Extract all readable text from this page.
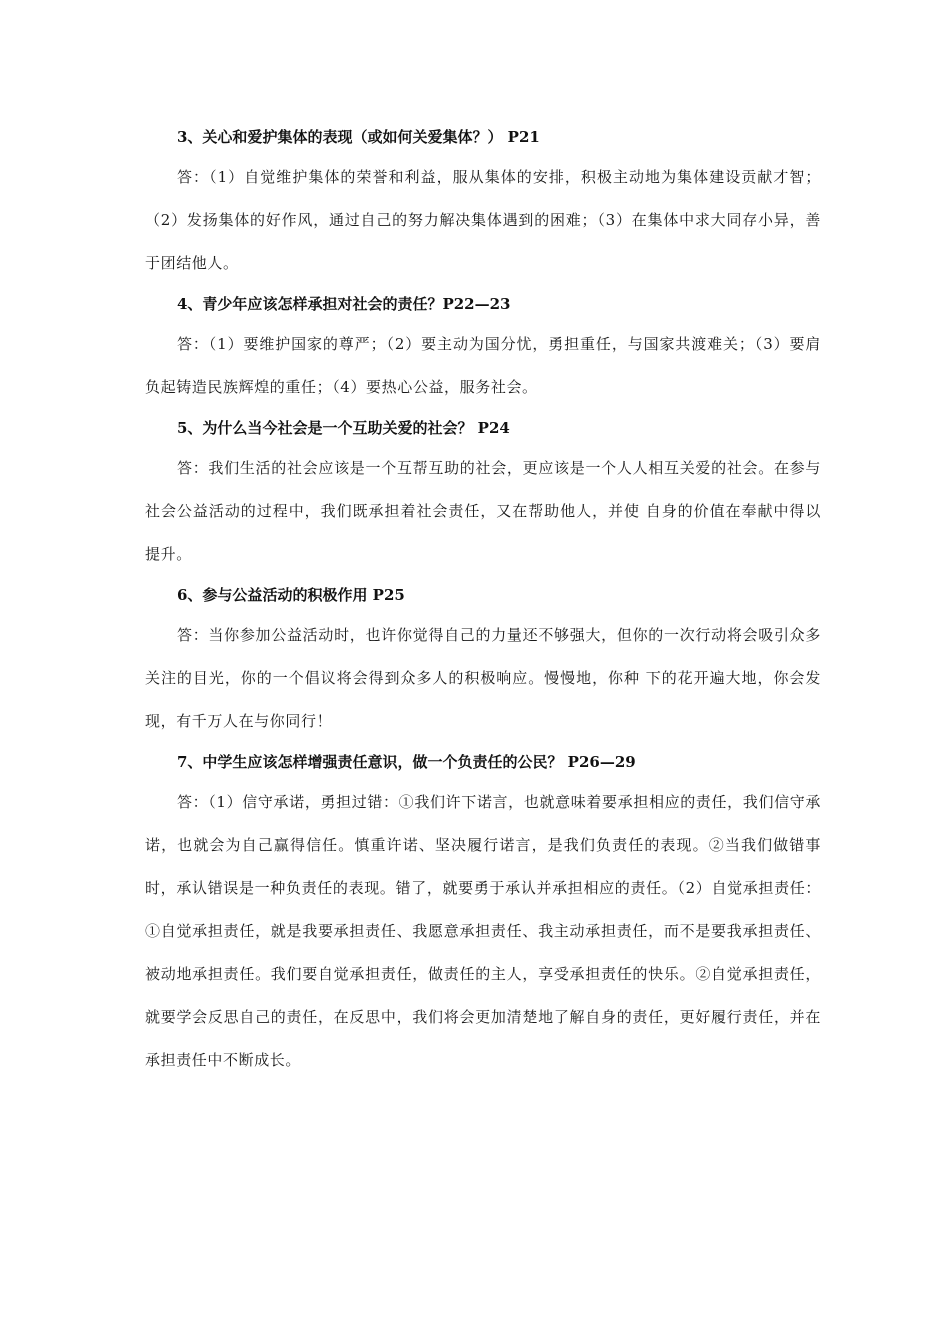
3、关心和爱护集体的表现（或如何关爱集体？） P21

答：（1）自觉维护集体的荣誉和利益，服从集体的安排，积极主动地为集体建设贡献才智；（2）发扬集体的好作风，通过自己的努力解决集体遇到的困难；（3）在集体中求大同存小异，善于团结他人。

4、青少年应该怎样承担对社会的责任？P22—23

答：（1）要维护国家的尊严；（2）要主动为国分忧，勇担重任，与国家共渡难关；（3）要肩负起铸造民族辉煌的重任；（4）要热心公益，服务社会。

5、为什么当今社会是一个互助关爱的社会？ P24

答：我们生活的社会应该是一个互帮互助的社会，更应该是一个人人相互关爱的社会。在参与社会公益活动的过程中，我们既承担着社会责任，又在帮助他人，并使 自身的价值在奉献中得以提升。

6、参与公益活动的积极作用 P25

答：当你参加公益活动时，也许你觉得自己的力量还不够强大，但你的一次行动将会吸引众多关注的目光，你的一个倡议将会得到众多人的积极响应。慢慢地，你种 下的花开遍大地，你会发现，有千万人在与你同行！

7、中学生应该怎样增强责任意识，做一个负责任的公民？ P26—29

答：（1）信守承诺，勇担过错：①我们许下诺言，也就意味着要承担相应的责任，我们信守承诺，也就会为自己赢得信任。慎重许诺、坚决履行诺言，是我们负责任的表现。②当我们做错事时，承认错误是一种负责任的表现。错了，就要勇于承认并承担相应的责任。（2）自觉承担责任：①自觉承担责任，就是我要承担责任、我愿意承担责任、我主动承担责任，而不是要我承担责任、被动地承担责任。我们要自觉承担责任，做责任的主人，享受承担责任的快乐。②自觉承担责任，就要学会反思自己的责任，在反思中，我们将会更加清楚地了解自身的责任，更好履行责任，并在承担责任中不断成长。
